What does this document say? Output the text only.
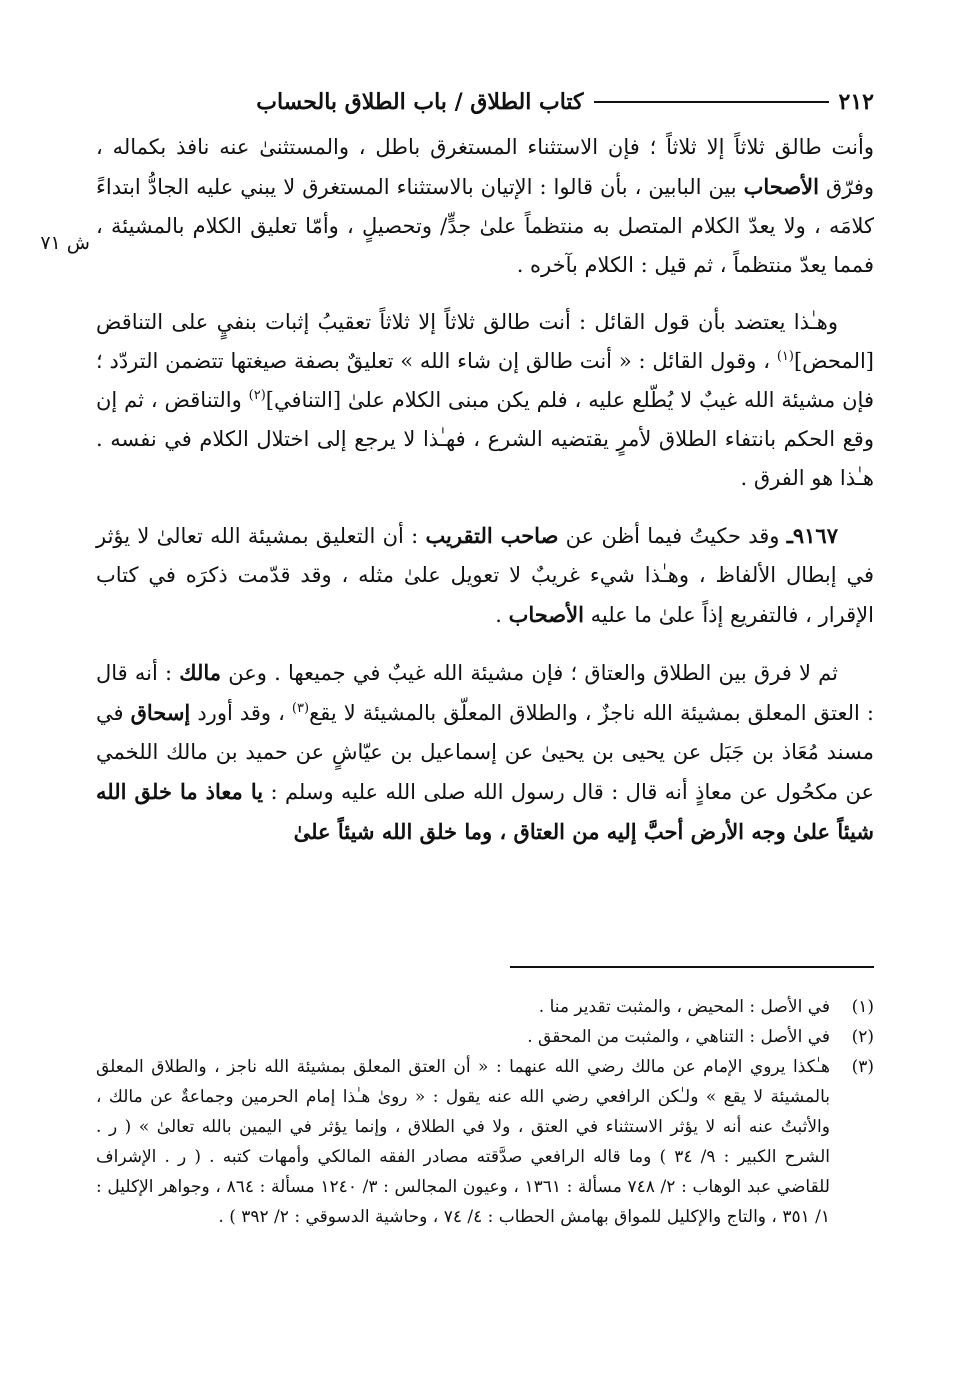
٢١٢
كتاب الطلاق / باب الطلاق بالحساب
ش ٧١

وأنت طالق ثلاثاً إلا ثلاثاً ؛ فإن الاستثناء المستغرق باطل ، والمستثنىٰ عنه نافذ بكماله ، وفرّق الأصحاب بين البابين ، بأن قالوا : الإتيان بالاستثناء المستغرق لا يبني عليه الجادُّ ابتداءً كلامَه ، ولا يعدّ الكلام المتصل به منتظماً علىٰ جدٍّ/ وتحصيلٍ ، وأمّا تعليق الكلام بالمشيئة ، فمما يعدّ منتظماً ، ثم قيل : الكلام بآخره .

وهـٰذا يعتضد بأن قول القائل : أنت طالق ثلاثاً إلا ثلاثاً تعقيبُ إثبات بنفيٍ على التناقض [المحض]$^{(١)}$ ، وقول القائل : « أنت طالق إن شاء الله » تعليقٌ بصفة صيغتها تتضمن التردّد ؛ فإن مشيئة الله غيبٌ لا يُطّلع عليه ، فلم يكن مبنى الكلام علىٰ [التنافي]$^{(٢)}$ والتناقض ، ثم إن وقع الحكم بانتفاء الطلاق لأمرٍ يقتضيه الشرع ، فهـٰذا لا يرجع إلى اختلال الكلام في نفسه . هـٰذا هو الفرق .

٩١٦٧ـ وقد حكيتُ فيما أظن عن صاحب التقريب : أن التعليق بمشيئة الله تعالىٰ لا يؤثر في إبطال الألفاظ ، وهـٰذا شيء غريبٌ لا تعويل علىٰ مثله ، وقد قدّمت ذكرَه في كتاب الإقرار ، فالتفريع إذاً علىٰ ما عليه الأصحاب .

ثم لا فرق بين الطلاق والعتاق ؛ فإن مشيئة الله غيبٌ في جميعها . وعن مالك : أنه قال : العتق المعلق بمشيئة الله ناجزٌ ، والطلاق المعلّق بالمشيئة لا يقع$^{(٣)}$ ، وقد أورد إسحاق في مسند مُعَاذ بن جَبَل عن يحيى بن يحيىٰ عن إسماعيل بن عيّاشٍ عن حميد بن مالك اللخمي عن مكحُول عن معاذٍ أنه قال : قال رسول الله صلى الله عليه وسلم : يا معاذ ما خلق الله شيئاً علىٰ وجه الأرض أحبَّ إليه من العتاق ، وما خلق الله شيئاً علىٰ

(١)
في الأصل : المحيض ، والمثبت تقدير منا .
(٢)
في الأصل : التناهي ، والمثبت من المحقق .
(٣)
هـٰكذا يروي الإمام عن مالك رضي الله عنهما : « أن العتق المعلق بمشيئة الله ناجز ، والطلاق المعلق بالمشيئة لا يقع » ولـٰكن الرافعي رضي الله عنه يقول : « روىٰ هـٰذا إمام الحرمين وجماعةٌ عن مالك ، والأثبتُ عنه أنه لا يؤثر الاستثناء في العتق ، ولا في الطلاق ، وإنما يؤثر في اليمين بالله تعالىٰ » ( ر . الشرح الكبير : ٩/ ٣٤ ) وما قاله الرافعي صدَّقته مصادر الفقه المالكي وأمهات كتبه . ( ر . الإشراف للقاضي عبد الوهاب : ٢/ ٧٤٨ مسألة : ١٣٦١ ، وعيون المجالس : ٣/ ١٢٤٠ مسألة : ٨٦٤ ، وجواهر الإكليل : ١/ ٣٥١ ، والتاج والإكليل للمواق بهامش الحطاب : ٤/ ٧٤ ، وحاشية الدسوقي : ٢/ ٣٩٢ ) .
